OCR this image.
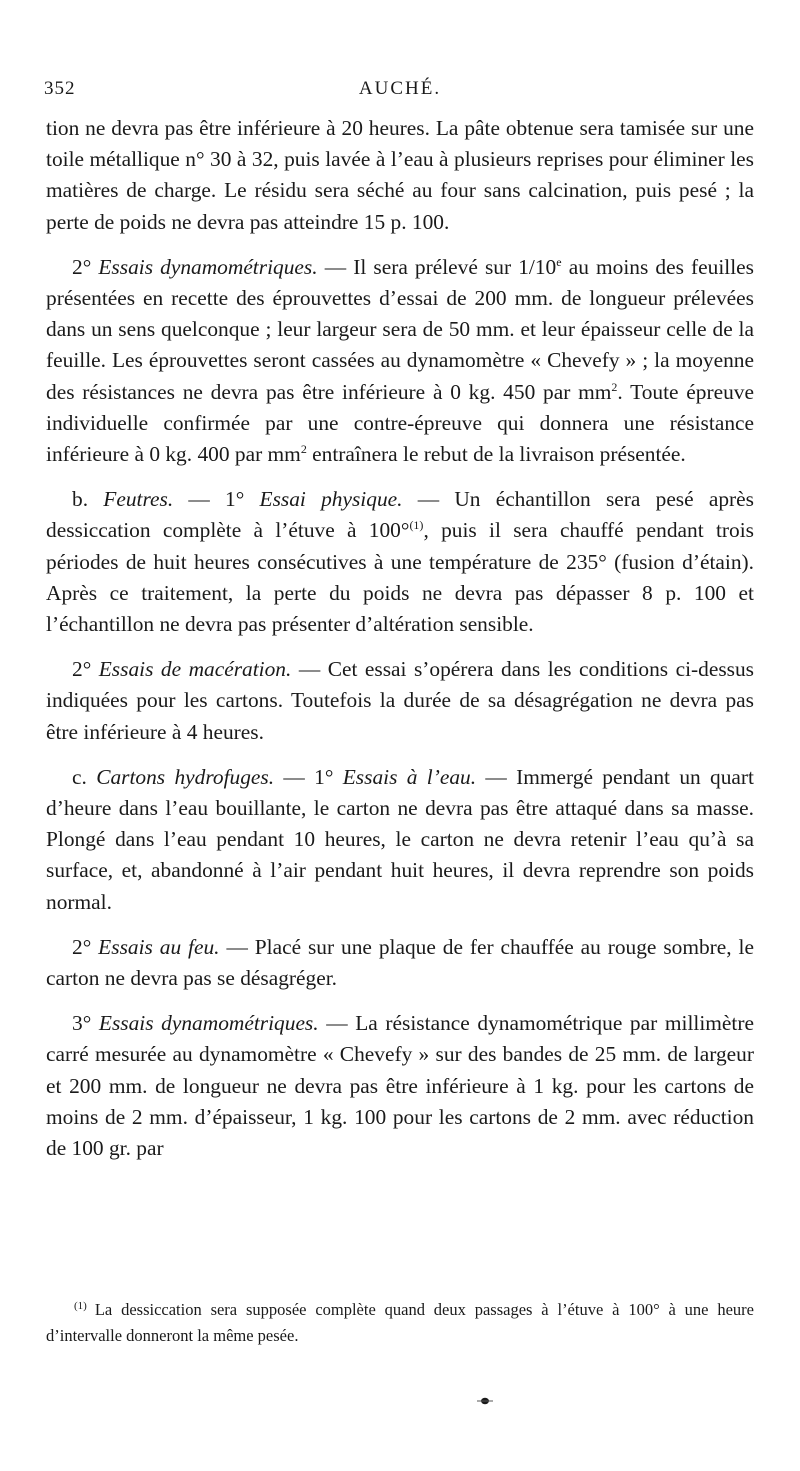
352	AUCHÉ.

tion ne devra pas être inférieure à 20 heures. La pâte obtenue sera tamisée sur une toile métallique n° 30 à 32, puis lavée à l’eau à plusieurs reprises pour éliminer les matières de charge. Le résidu sera séché au four sans calcination, puis pesé ; la perte de poids ne devra pas atteindre 15 p. 100.

2° Essais dynamométriques. — Il sera prélevé sur 1/10e au moins des feuilles présentées en recette des éprouvettes d’essai de 200 mm. de longueur prélevées dans un sens quelconque ; leur largeur sera de 50 mm. et leur épaisseur celle de la feuille. Les éprouvettes seront cassées au dynamomètre « Chevefy » ; la moyenne des résistances ne devra pas être inférieure à 0 kg. 450 par $mm^2$. Toute épreuve individuelle confirmée par une contre-épreuve qui donnera une résistance inférieure à 0 kg. 400 par $mm^2$ entraînera le rebut de la livraison présentée.

b. Feutres. — 1° Essai physique. — Un échantillon sera pesé après dessiccation complète à l’étuve à 100°$^{(1)}$, puis il sera chauffé pendant trois périodes de huit heures consécutives à une température de 235° (fusion d’étain). Après ce traitement, la perte du poids ne devra pas dépasser 8 p. 100 et l’échantillon ne devra pas présenter d’altération sensible.

2° Essais de macération. — Cet essai s’opérera dans les conditions ci-dessus indiquées pour les cartons. Toutefois la durée de sa désagrégation ne devra pas être inférieure à 4 heures.

c. Cartons hydrofuges. — 1° Essais à l’eau. — Immergé pendant un quart d’heure dans l’eau bouillante, le carton ne devra pas être attaqué dans sa masse. Plongé dans l’eau pendant 10 heures, le carton ne devra retenir l’eau qu’à sa surface, et, abandonné à l’air pendant huit heures, il devra reprendre son poids normal.

2° Essais au feu. — Placé sur une plaque de fer chauffée au rouge sombre, le carton ne devra pas se désagréger.

3° Essais dynamométriques. — La résistance dynamométrique par millimètre carré mesurée au dynamomètre « Chevefy » sur des bandes de 25 mm. de largeur et 200 mm. de longueur ne devra pas être inférieure à 1 kg. pour les cartons de moins de 2 mm. d’épaisseur, 1 kg. 100 pour les cartons de 2 mm. avec réduction de 100 gr. par

$^{(1)}$ La dessiccation sera supposée complète quand deux passages à l’étuve à 100° à une heure d’intervalle donneront la même pesée.
